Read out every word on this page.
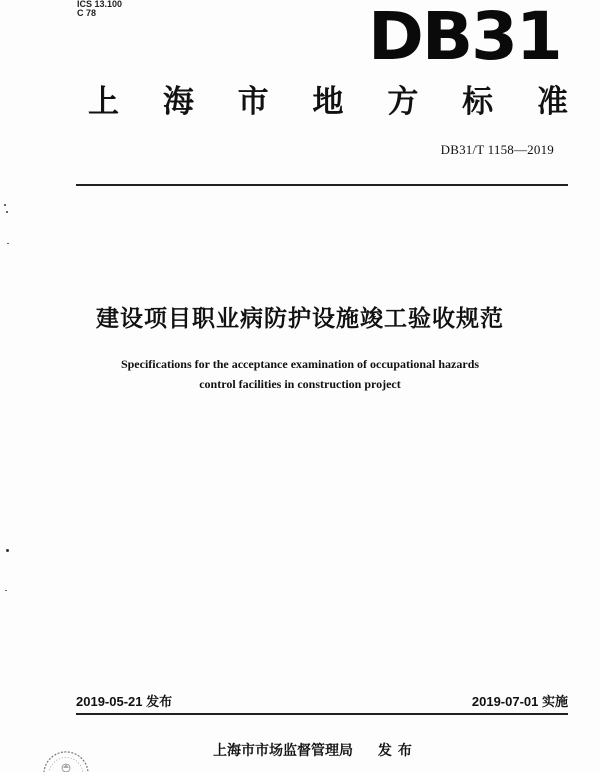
ICS 13.100
C 78	DB31
上 海 市 地 方 标 准
DB31/T 1158—2019
建设项目职业病防护设施竣工验收规范
Specifications for the acceptance examination of occupational hazards
control facilities in construction project
2019-05-21 发布	2019-07-01 实施
上海市市场监督管理局 发布
